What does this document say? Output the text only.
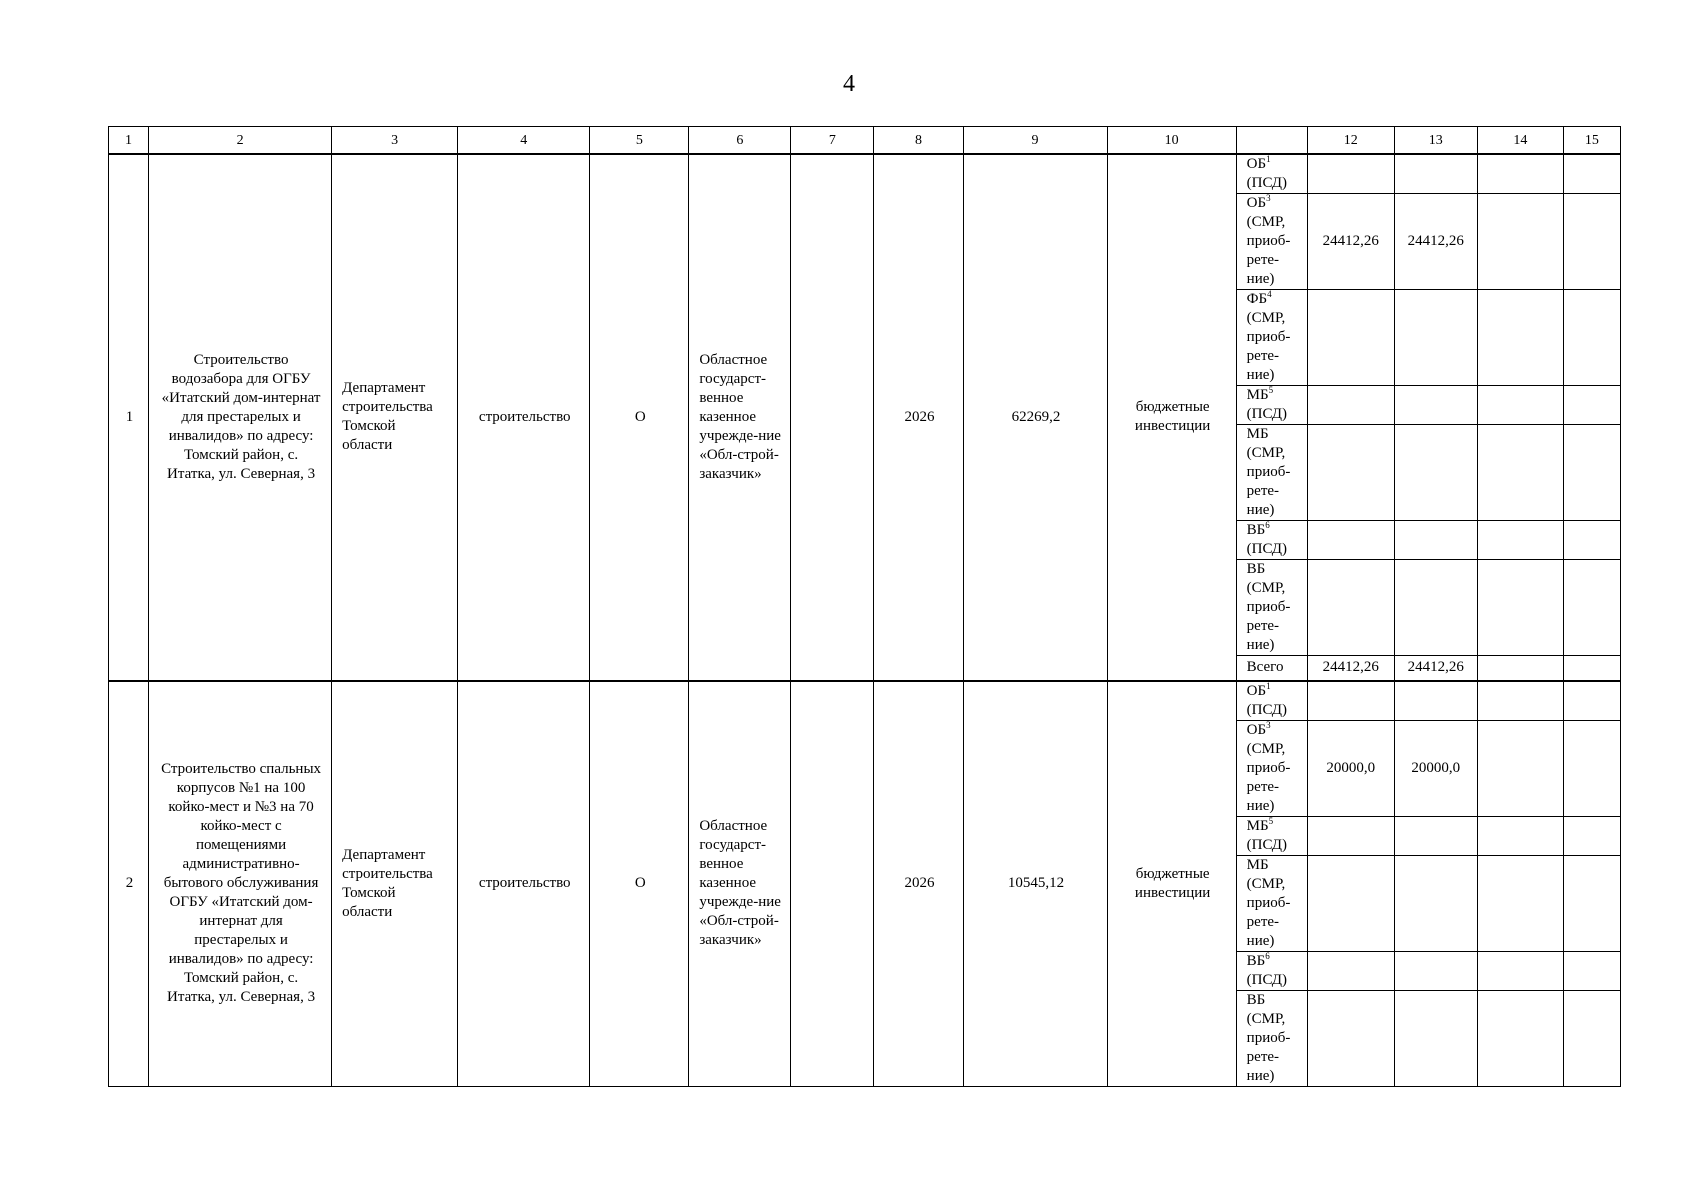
4
1	2	3	4	5	6	7	8	9	10		12	13	14	15
1	Строительство водозабора для ОГБУ «Итатский дом-интернат для престарелых и инвалидов» по адресу: Томский район, с. Итатка, ул. Северная, 3	Департамент строительства Томской области	строительство	О	Областное государст-венное казенное учрежде-ние «Обл-строй-заказчик»		2026	62269,2	бюджетные инвестиции	$ОБ^1$
(ПСД)				
										$ОБ^3$
(СМР,
приоб-
рете-
ние)	24412,26	24412,26		
										$ФБ^4$
(СМР,
приоб-
рете-
ние)				
										$МБ^5$
(ПСД)				
										МБ
(СМР,
приоб-
рете-
ние)				
										$ВБ^6$
(ПСД)				
										ВБ
(СМР,
приоб-
рете-
ние)				
										Всего	24412,26	24412,26		
2	Строительство спальных корпусов №1 на 100 койко-мест и №3 на 70 койко-мест с помещениями административно-бытового обслуживания ОГБУ «Итатский дом-интернат для престарелых и инвалидов» по адресу: Томский район, с. Итатка, ул. Северная, 3	Департамент строительства Томской области	строительство	О	Областное государст-венное казенное учрежде-ние «Обл-строй-заказчик»		2026	10545,12	бюджетные инвестиции	$ОБ^1$
(ПСД)				
										$ОБ^3$
(СМР,
приоб-
рете-
ние)	20000,0	20000,0		
										$МБ^5$
(ПСД)				
										МБ
(СМР,
приоб-
рете-
ние)				
										$ВБ^6$
(ПСД)				
										ВБ
(СМР,
приоб-
рете-
ние)				
